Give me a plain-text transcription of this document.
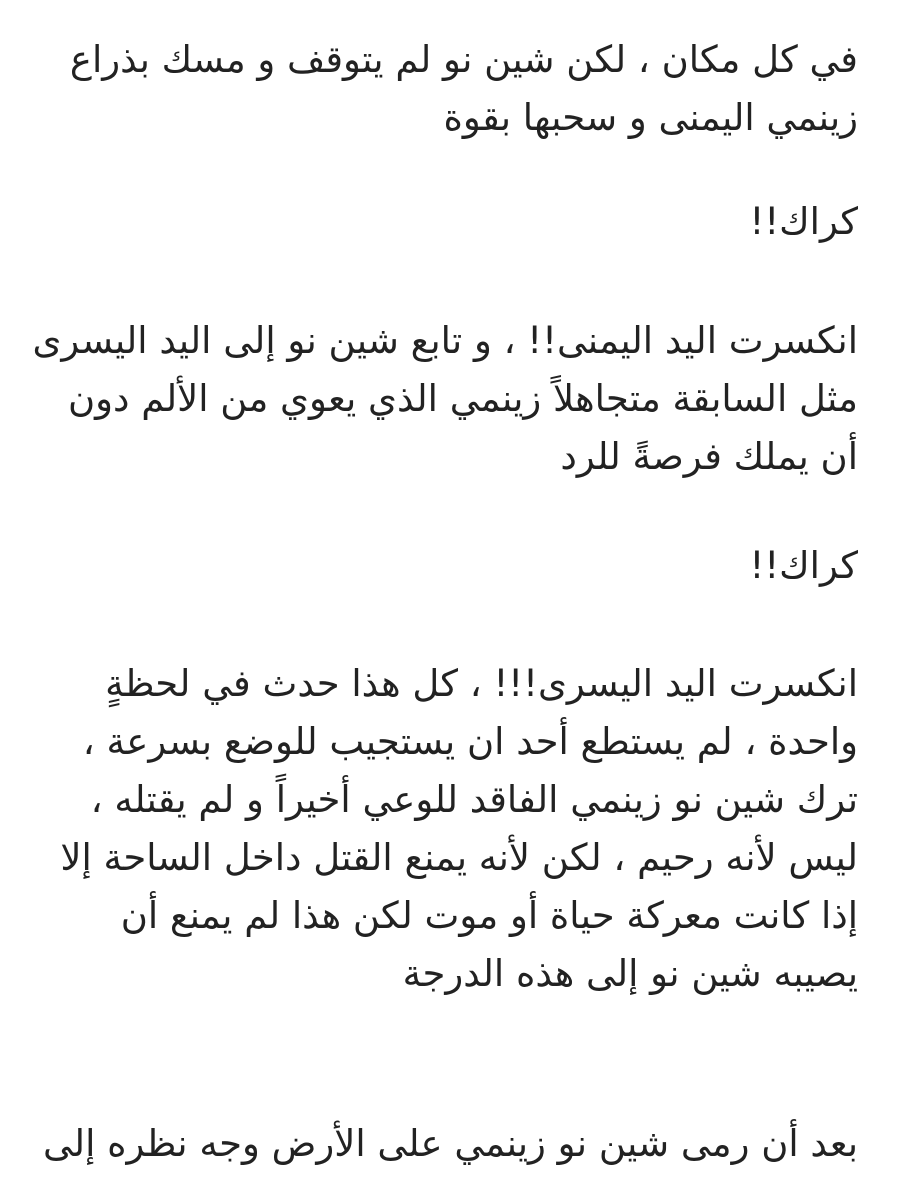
في كل مكان ، لكن شين نو لم يتوقف و مسك بذراع
زينمي اليمنى و سحبها بقوة
كراك!!
انكسرت اليد اليمنى!! ، و تابع شين نو إلى اليد اليسرى
مثل السابقة متجاهلاً زينمي الذي يعوي من الألم دون
أن يملك فرصةً للرد
كراك!!
انكسرت اليد اليسرى!!! ، كل هذا حدث في لحظةٍ
واحدة ، لم يستطع أحد ان يستجيب للوضع بسرعة ،
ترك شين نو زينمي الفاقد للوعي أخيراً و لم يقتله ،
ليس لأنه رحيم ، لكن لأنه يمنع القتل داخل الساحة إلا
إذا كانت معركة حياة أو موت لكن هذا لم يمنع أن
يصيبه شين نو إلى هذه الدرجة
بعد أن رمى شين نو زينمي على الأرض وجه نظره إلى
